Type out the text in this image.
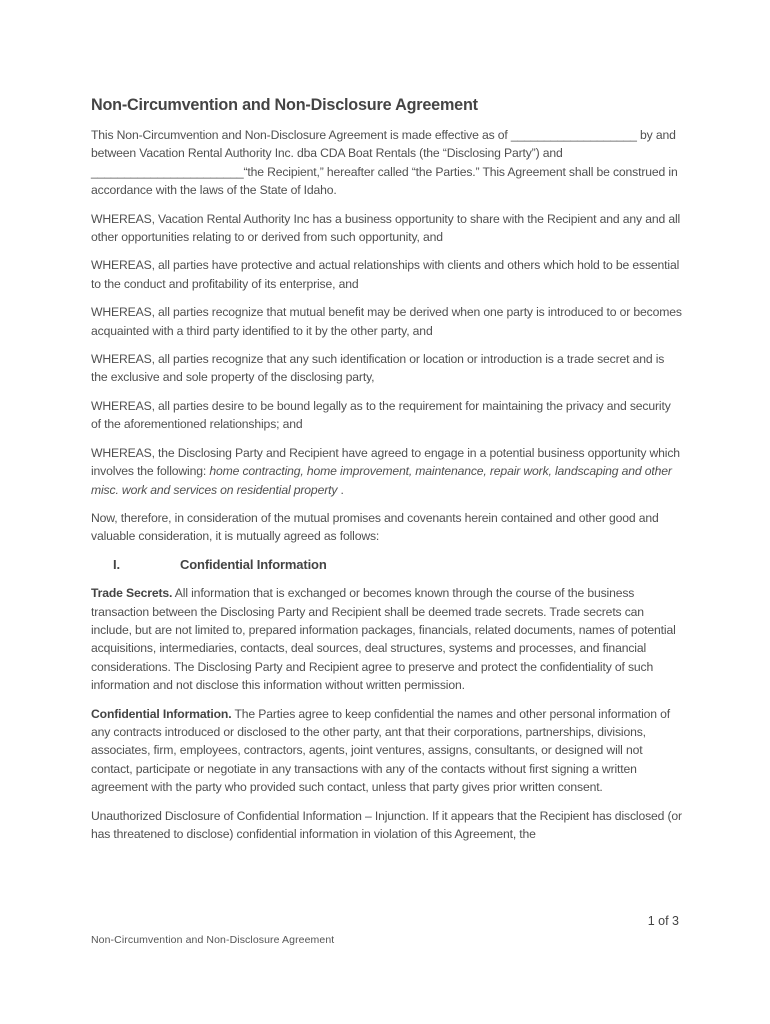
Non-Circumvention and Non-Disclosure Agreement

This Non-Circumvention and Non-Disclosure Agreement is made effective as of ___________________ by and between Vacation Rental Authority Inc. dba CDA Boat Rentals (the “Disclosing Party”) and _______________________“the Recipient,” hereafter called “the Parties.” This Agreement shall be construed in accordance with the laws of the State of Idaho.

WHEREAS, Vacation Rental Authority Inc has a business opportunity to share with the Recipient and any and all other opportunities relating to or derived from such opportunity, and

WHEREAS, all parties have protective and actual relationships with clients and others which hold to be essential to the conduct and profitability of its enterprise, and

WHEREAS, all parties recognize that mutual benefit may be derived when one party is introduced to or becomes acquainted with a third party identified to it by the other party, and

WHEREAS, all parties recognize that any such identification or location or introduction is a trade secret and is the exclusive and sole property of the disclosing party,

WHEREAS, all parties desire to be bound legally as to the requirement for maintaining the privacy and security of the aforementioned relationships; and

WHEREAS, the Disclosing Party and Recipient have agreed to engage in a potential business opportunity which involves the following: home contracting, home improvement, maintenance, repair work, landscaping and other misc. work and services on residential property .

Now, therefore, in consideration of the mutual promises and covenants herein contained and other good and valuable consideration, it is mutually agreed as follows:

I.	Confidential Information

Trade Secrets. All information that is exchanged or becomes known through the course of the business transaction between the Disclosing Party and Recipient shall be deemed trade secrets. Trade secrets can include, but are not limited to, prepared information packages, financials, related documents, names of potential acquisitions, intermediaries, contacts, deal sources, deal structures, systems and processes, and financial considerations. The Disclosing Party and Recipient agree to preserve and protect the confidentiality of such information and not disclose this information without written permission.

Confidential Information. The Parties agree to keep confidential the names and other personal information of any contracts introduced or disclosed to the other party, ant that their corporations, partnerships, divisions, associates, firm, employees, contractors, agents, joint ventures, assigns, consultants, or designed will not contact, participate or negotiate in any transactions with any of the contacts without first signing a written agreement with the party who provided such contact, unless that party gives prior written consent.

Unauthorized Disclosure of Confidential Information – Injunction. If it appears that the Recipient has disclosed (or has threatened to disclose) confidential information in violation of this Agreement, the

1 of 3
Non-Circumvention and Non-Disclosure Agreement
